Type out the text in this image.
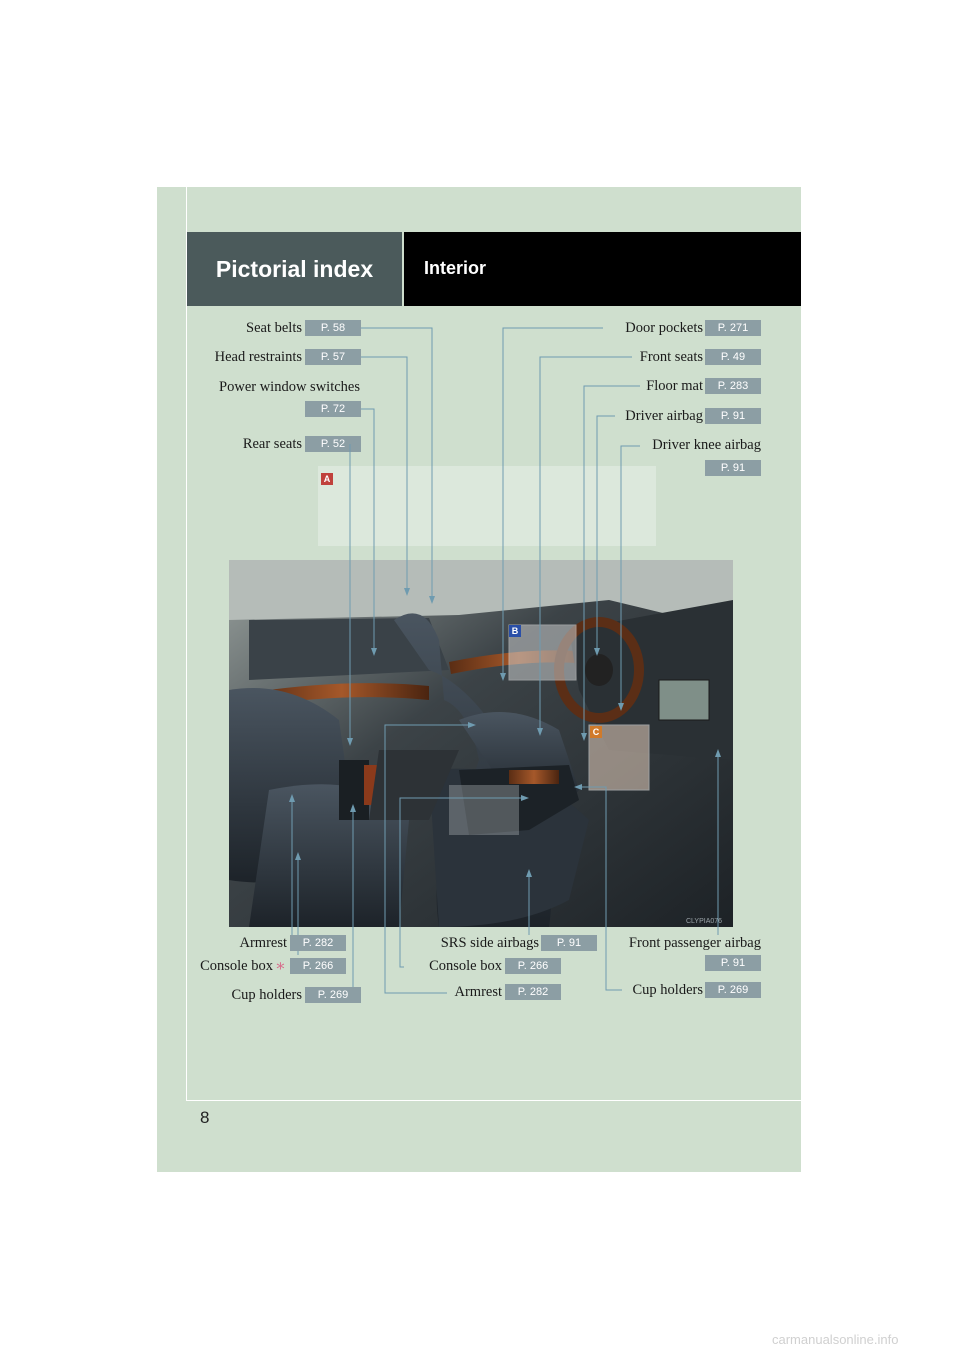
Pictorial index	Interior
Seat belts	P. 58
Head restraints	P. 57
Power window switches
P. 72
Rear seats	P. 52
Door pockets	P. 271
Front seats	P. 49
Floor mat	P. 283
Driver airbag	P. 91
Driver knee airbag
P. 91
A
B
C
CLYPIA076
Armrest	P. 282
Console box ∗	P. 266
Cup holders	P. 269
SRS side airbags	P. 91
Console box	P. 266
Armrest	P. 282
Front passenger airbag
P. 91
Cup holders	P. 269
8
carmanualsonline.info
